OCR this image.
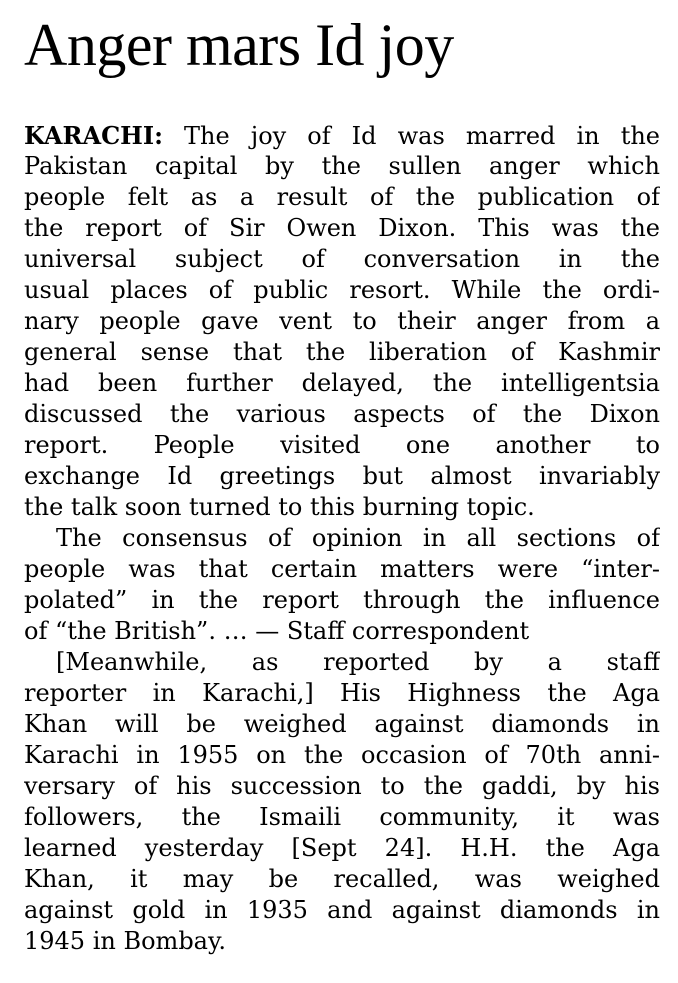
Anger mars Id joy
KARACHI: The joy of Id was marred in the
Pakistan capital by the sullen anger which
people felt as a result of the publication of
the report of Sir Owen Dixon. This was the
universal subject of conversation in the
usual places of public resort. While the ordi-
nary people gave vent to their anger from a
general sense that the liberation of Kashmir
had been further delayed, the intelligentsia
discussed the various aspects of the Dixon
report. People visited one another to
exchange Id greetings but almost invariably
the talk soon turned to this burning topic.
The consensus of opinion in all sections of
people was that certain matters were “inter-
polated” in the report through the influence
of “the British”. … — Staff correspondent
[Meanwhile, as reported by a staff
reporter in Karachi,] His Highness the Aga
Khan will be weighed against diamonds in
Karachi in 1955 on the occasion of 70th anni-
versary of his succession to the gaddi, by his
followers, the Ismaili community, it was
learned yesterday [Sept 24]. H.H. the Aga
Khan, it may be recalled, was weighed
against gold in 1935 and against diamonds in
1945 in Bombay.
